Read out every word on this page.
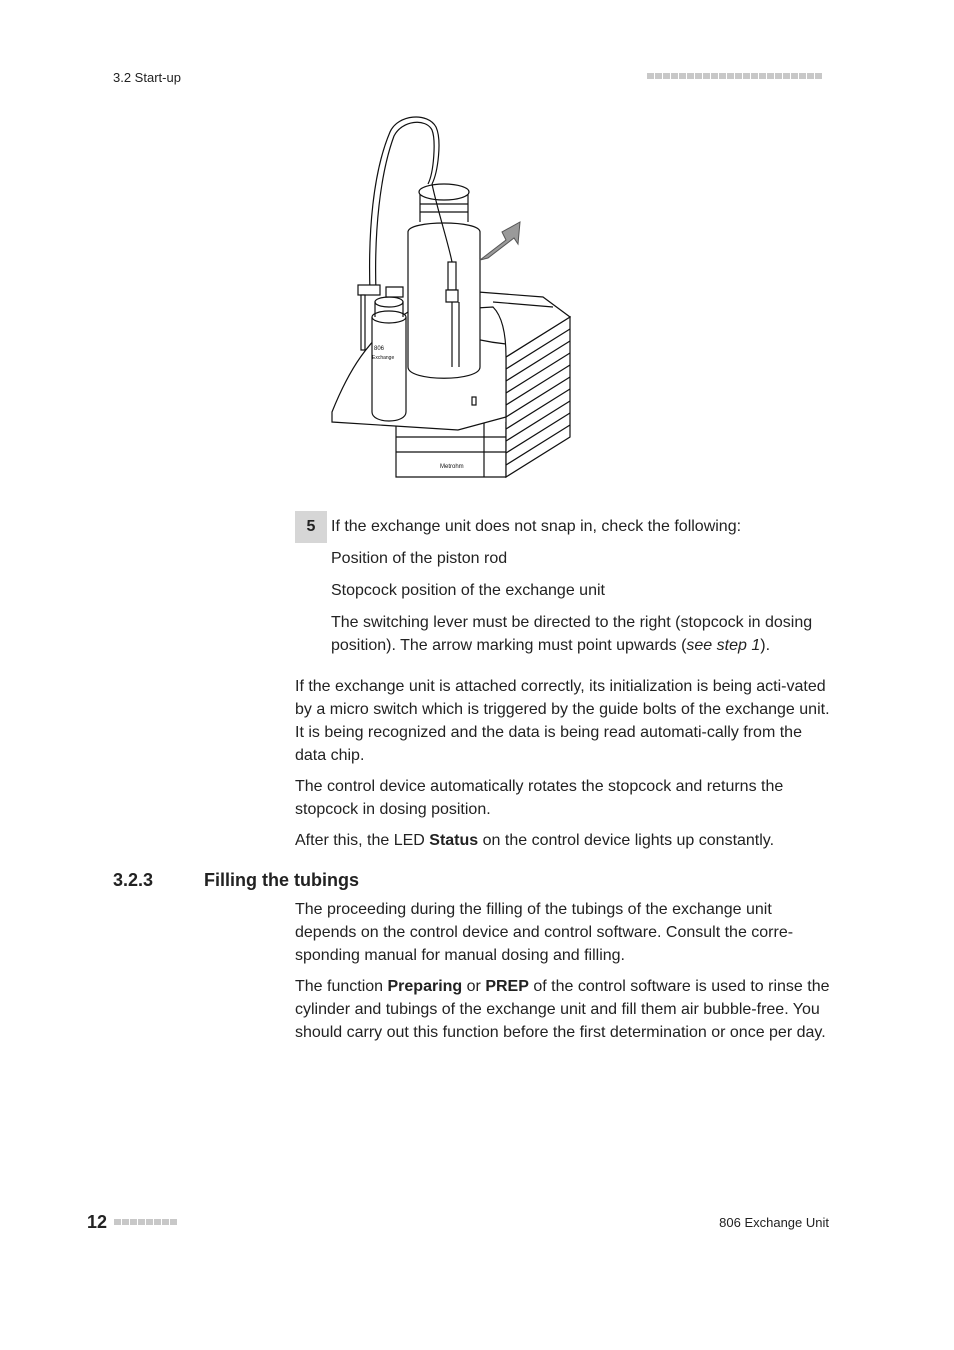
3.2 Start-up
806
Exchange
Metrohm
5 If the exchange unit does not snap in, check the following:
Position of the piston rod
Stopcock position of the exchange unit
The switching lever must be directed to the right (stopcock in dosing position). The arrow marking must point upwards (see step 1).
If the exchange unit is attached correctly, its initialization is being acti-vated by a micro switch which is triggered by the guide bolts of the exchange unit. It is being recognized and the data is being read automati-cally from the data chip.
The control device automatically rotates the stopcock and returns the stopcock in dosing position.
After this, the LED Status on the control device lights up constantly.
3.2.3	Filling the tubings
The proceeding during the filling of the tubings of the exchange unit depends on the control device and control software. Consult the corre-sponding manual for manual dosing and filling.
The function Preparing or PREP of the control software is used to rinse the cylinder and tubings of the exchange unit and fill them air bubble-free. You should carry out this function before the first determination or once per day.
12	806 Exchange Unit
